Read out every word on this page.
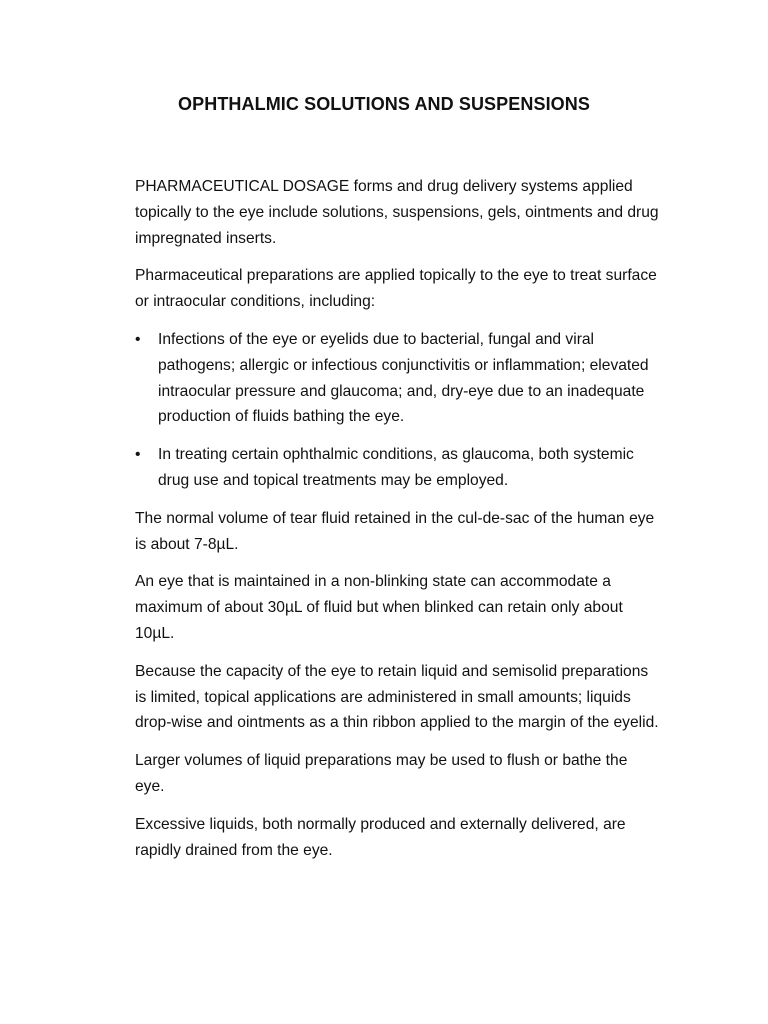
OPHTHALMIC SOLUTIONS AND SUSPENSIONS

PHARMACEUTICAL DOSAGE forms and drug delivery systems applied topically to the eye include solutions, suspensions, gels, ointments and drug impregnated inserts.

Pharmaceutical preparations are applied topically to the eye to treat surface or intraocular conditions, including:

•	Infections of the eye or eyelids due to bacterial, fungal and viral pathogens; allergic or infectious conjunctivitis or inflammation; elevated intraocular pressure and glaucoma; and, dry-eye due to an inadequate production of fluids bathing the eye.
•	In treating certain ophthalmic conditions, as glaucoma, both systemic drug use and topical treatments may be employed.

The normal volume of tear fluid retained in the cul-de-sac of the human eye is about 7-8µL.

An eye that is maintained in a non-blinking state can accommodate a maximum of about 30µL of fluid but when blinked can retain only about 10µL.

Because the capacity of the eye to retain liquid and semisolid preparations is limited, topical applications are administered in small amounts; liquids drop-wise and ointments as a thin ribbon applied to the margin of the eyelid.

Larger volumes of liquid preparations may be used to flush or bathe the eye.

Excessive liquids, both normally produced and externally delivered, are rapidly drained from the eye.
